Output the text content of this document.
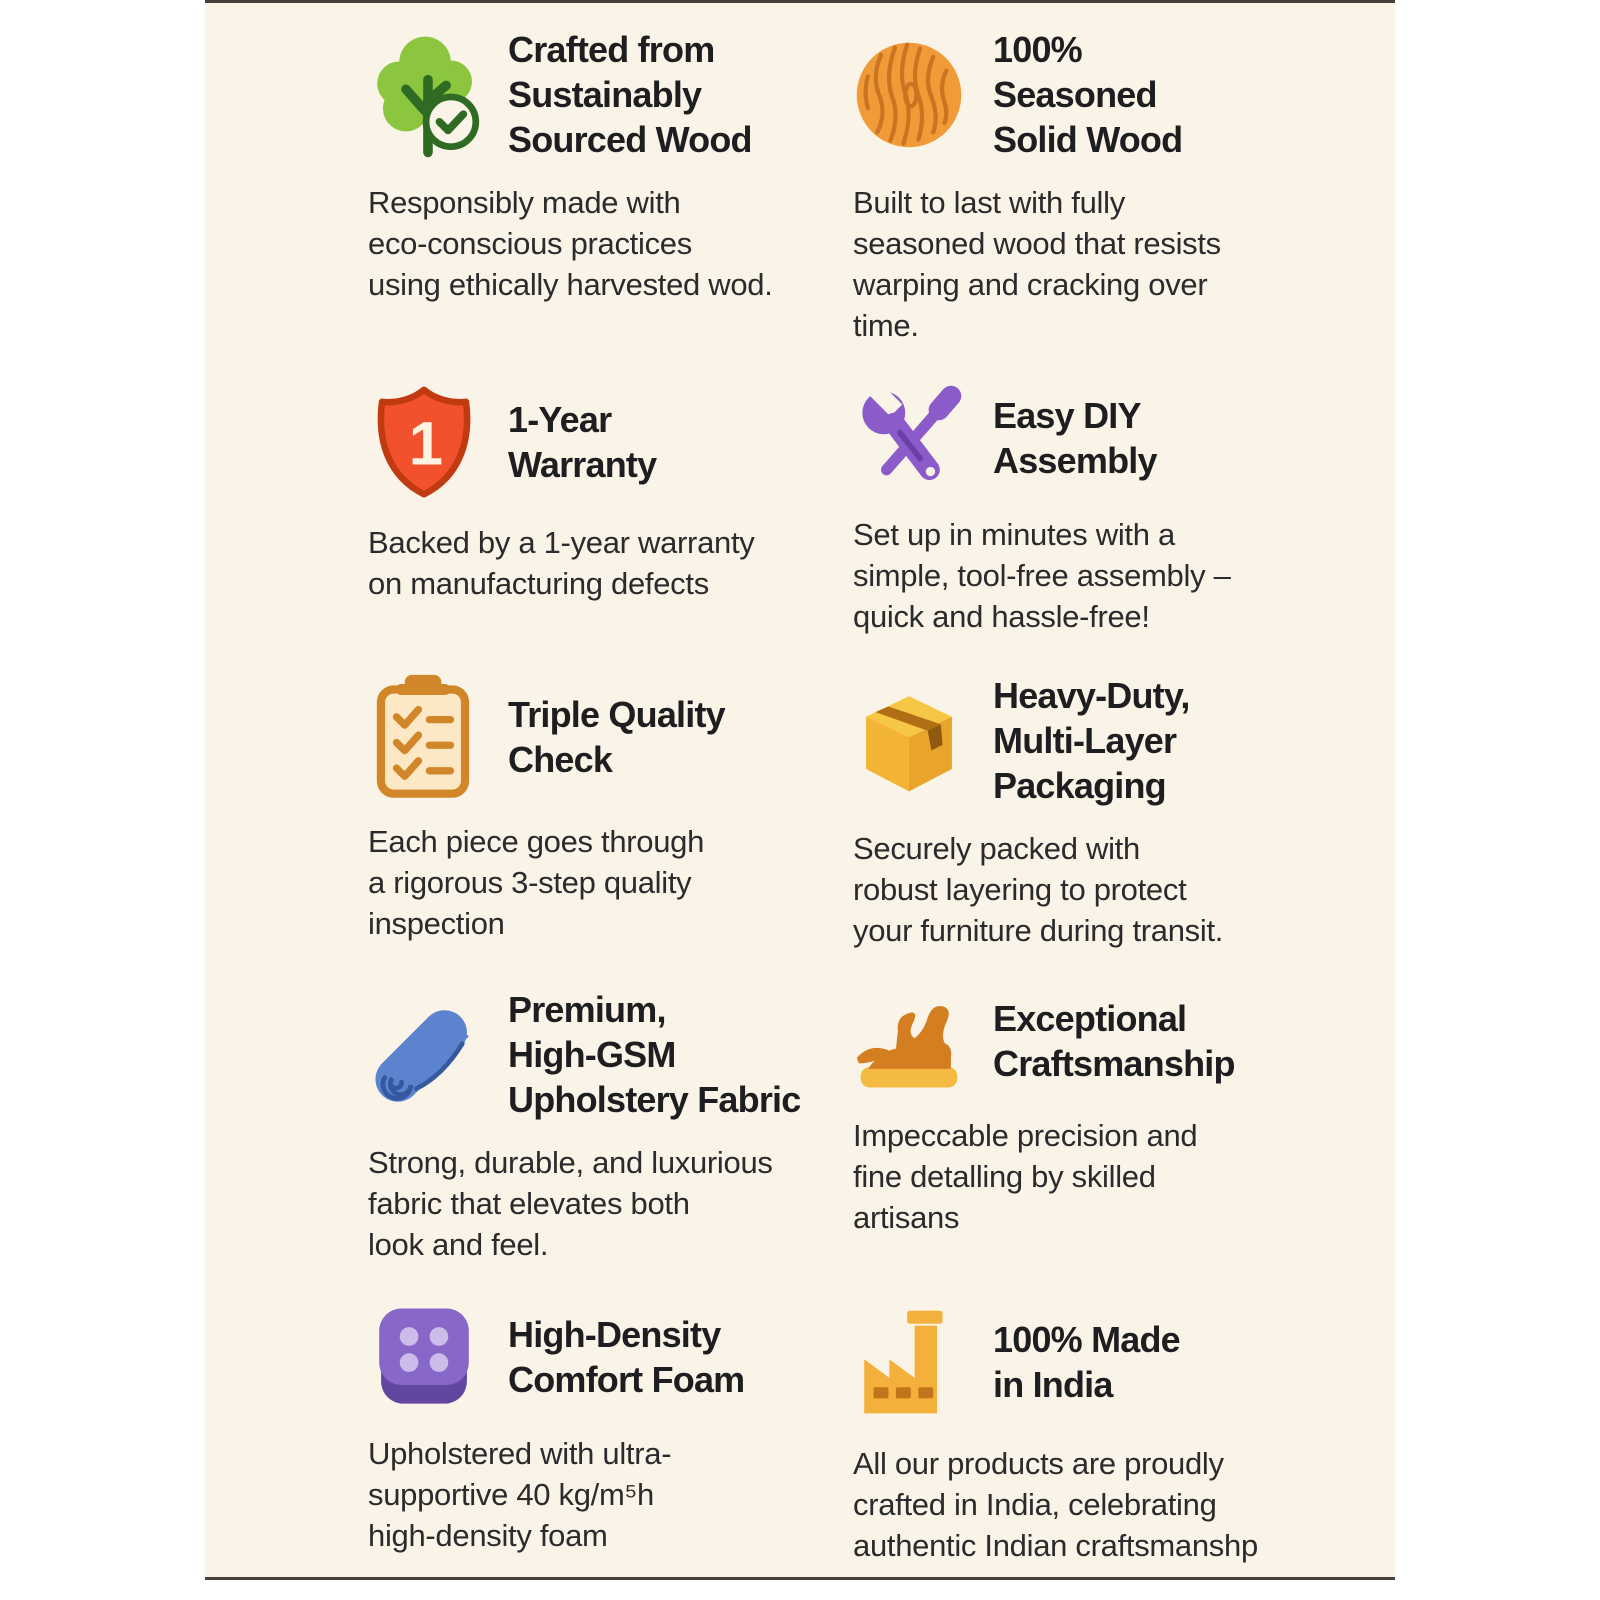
Crafted from
Sustainably
Sourced Wood

Responsibly made with
eco-conscious practices
using ethically harvested wod.

100%
Seasoned
Solid Wood

Built to last with fully
seasoned wood that resists
warping and cracking over
time.

1 1-Year
Warranty

Backed by a 1-year warranty
on manufacturing defects

Easy DIY
Assembly

Set up in minutes with a
simple, tool-free assembly –
quick and hassle-free!

Triple Quality
Check

Each piece goes through
a rigorous 3-step quality
inspection

Heavy-Duty,
Multi-Layer
Packaging

Securely packed with
robust layering to protect
your furniture during transit.

Premium,
High-GSM
Upholstery Fabric

Strong, durable, and luxurious
fabric that elevates both
look and feel.

Exceptional
Craftsmanship

Impeccable precision and
fine detalling by skilled
artisans

High-Density
Comfort Foam

Upholstered with ultra-
supportive 40 kg/m⁵h
high-density foam

100% Made
in India

All our products are proudly
crafted in India, celebrating
authentic Indian craftsmanshp
